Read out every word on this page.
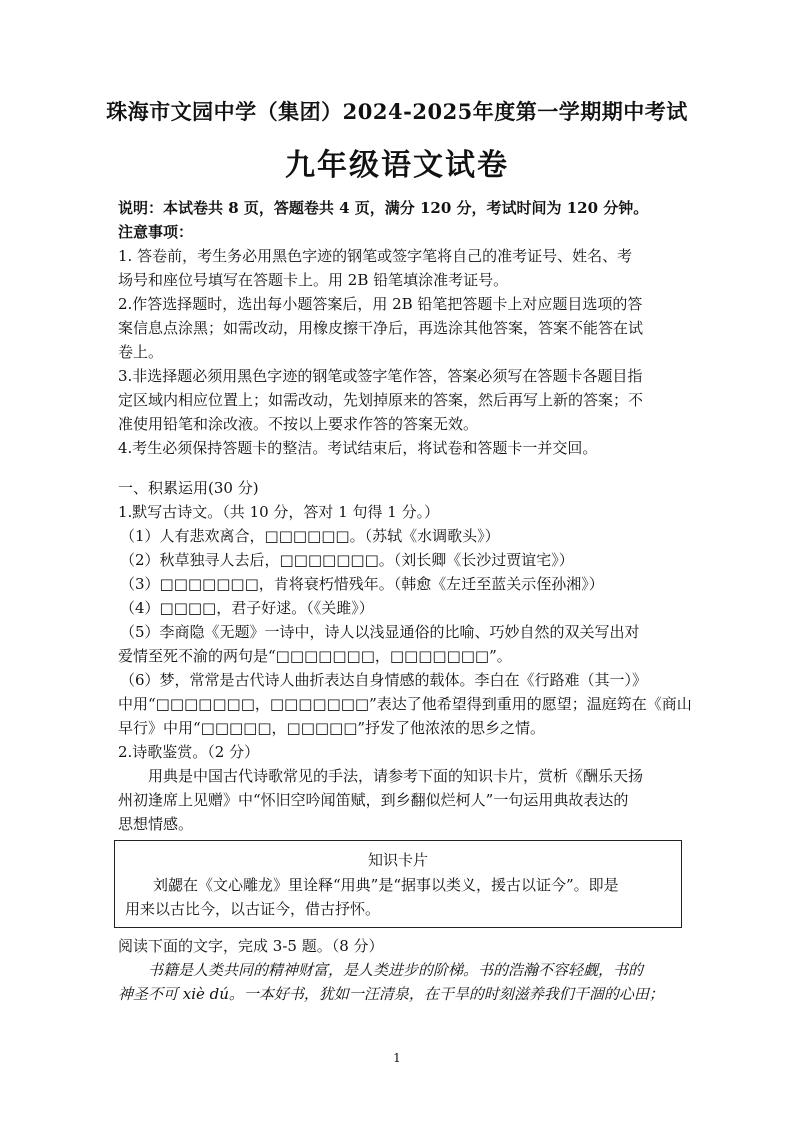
珠海市文园中学（集团）2024-2025年度第一学期期中考试
九年级语文试卷

说明：本试卷共 8 页，答题卷共 4 页，满分 120 分，考试时间为 120 分钟。

注意事项：

1. 答卷前，考生务必用黑色字迹的钢笔或签字笔将自己的准考证号、姓名、考

场号和座位号填写在答题卡上。用 2B 铅笔填涂准考证号。

2.作答选择题时，选出每小题答案后，用 2B 铅笔把答题卡上对应题目选项的答

案信息点涂黑；如需改动，用橡皮擦干净后，再选涂其他答案，答案不能答在试

卷上。

3.非选择题必须用黑色字迹的钢笔或签字笔作答，答案必须写在答题卡各题目指

定区域内相应位置上；如需改动，先划掉原来的答案，然后再写上新的答案；不

准使用铅笔和涂改液。不按以上要求作答的答案无效。

4.考生必须保持答题卡的整洁。考试结束后，将试卷和答题卡一并交回。

一、积累运用(30 分)

1.默写古诗文。（共 10 分，答对 1 句得 1 分。）

（1）人有悲欢离合，□□□□□□。（苏轼《水调歌头》）

（2）秋草独寻人去后，□□□□□□□。（刘长卿《长沙过贾谊宅》）

（3）□□□□□□□，肯将衰朽惜残年。（韩愈《左迁至蓝关示侄孙湘》）

（4）□□□□，君子好逑。（《关雎》）

（5）李商隐《无题》一诗中，诗人以浅显通俗的比喻、巧妙自然的双关写出对

爱情至死不渝的两句是“□□□□□□□，□□□□□□□”。

（6）梦，常常是古代诗人曲折表达自身情感的载体。李白在《行路难（其一）》

中用“□□□□□□□，□□□□□□□”表达了他希望得到重用的愿望；温庭筠在《商山

早行》中用“□□□□□，□□□□□”抒发了他浓浓的思乡之情。

2.诗歌鉴赏。（2 分）

用典是中国古代诗歌常见的手法，请参考下面的知识卡片，赏析《酬乐天扬

州初逢席上见赠》中“怀旧空吟闻笛赋，到乡翻似烂柯人”一句运用典故表达的

思想情感。

知识卡片

刘勰在《文心雕龙》里诠释“用典”是“据事以类义，援古以证今”。即是

用来以古比今，以古证今，借古抒怀。

阅读下面的文字，完成 3-5 题。（8 分）

书籍是人类共同的精神财富，是人类进步的阶梯。书的浩瀚不容轻觑，书的

神圣不可 xiè dú。一本好书，犹如一汪清泉，在干旱的时刻滋养我们干涸的心田；

1
